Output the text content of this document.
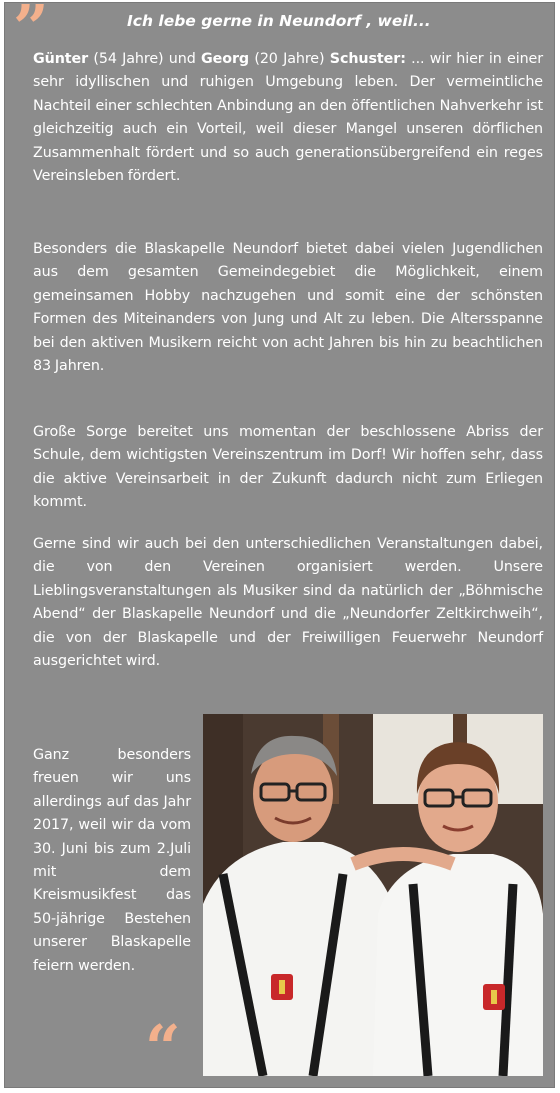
”	Ich lebe gerne in Neundorf , weil...
Günter (54 Jahre) und Georg (20 Jahre) Schuster: ... wir hier in einer sehr idyllischen und ruhigen Umgebung leben. Der vermeintliche Nachteil einer schlechten Anbindung an den öffentlichen Nahverkehr ist gleichzeitig auch ein Vorteil, weil dieser Mangel unseren dörflichen Zusammenhalt fördert und so auch generationsübergreifend ein reges Vereinsleben fördert.
Besonders die Blaskapelle Neundorf bietet dabei vielen Jugendlichen aus dem gesamten Gemeindegebiet die Möglichkeit, einem gemeinsamen Hobby nachzugehen und somit eine der schönsten Formen des Miteinanders von Jung und Alt zu leben. Die Altersspanne bei den aktiven Musikern reicht von acht Jahren bis hin zu beachtlichen 83 Jahren.
Große Sorge bereitet uns momentan der beschlossene Abriss der Schule, dem wichtigsten Vereinszentrum im Dorf! Wir hoffen sehr, dass die aktive Vereinsarbeit in der Zukunft dadurch nicht zum Erliegen kommt.
Gerne sind wir auch bei den unterschiedlichen Veranstaltungen dabei, die von den Vereinen organisiert werden. Unsere Lieblingsveranstaltungen als Musiker sind da natürlich der „Böhmische Abend“ der Blaskapelle Neundorf und die „Neundorfer Zeltkirchweih“, die von der Blaskapelle und der Freiwilligen Feuerwehr Neundorf ausgerichtet wird.
Ganz besonders freuen wir uns allerdings auf das Jahr 2017, weil wir da vom 30. Juni bis zum 2.Juli mit dem Kreismusikfest das 50-jährige Bestehen unserer Blaskapelle feiern werden.
“
